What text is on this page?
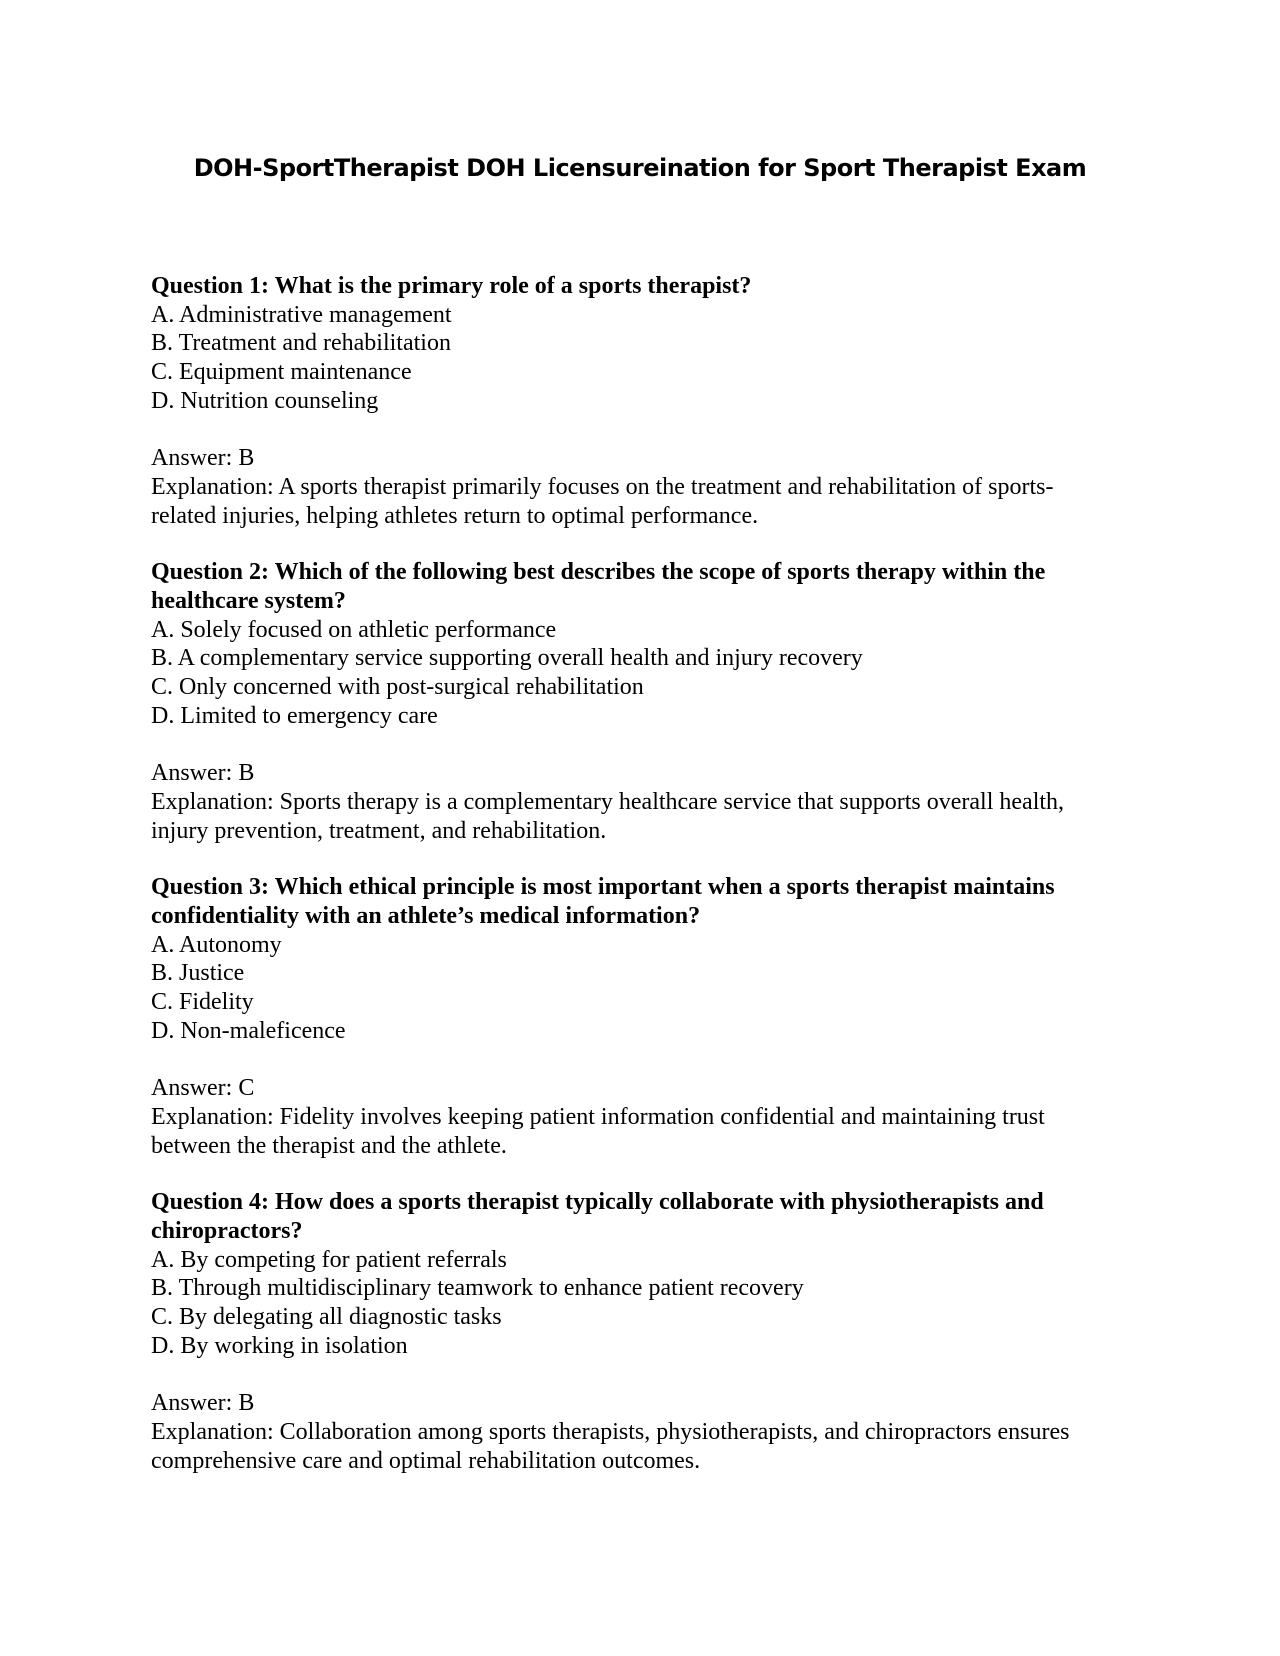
DOH-SportTherapist DOH Licensureination for Sport Therapist Exam

Question 1: What is the primary role of a sports therapist?

A. Administrative management

B. Treatment and rehabilitation

C. Equipment maintenance

D. Nutrition counseling

Answer: B

Explanation: A sports therapist primarily focuses on the treatment and rehabilitation of sports-related injuries, helping athletes return to optimal performance.

Question 2: Which of the following best describes the scope of sports therapy within the healthcare system?

A. Solely focused on athletic performance

B. A complementary service supporting overall health and injury recovery

C. Only concerned with post-surgical rehabilitation

D. Limited to emergency care

Answer: B

Explanation: Sports therapy is a complementary healthcare service that supports overall health, injury prevention, treatment, and rehabilitation.

Question 3: Which ethical principle is most important when a sports therapist maintains confidentiality with an athlete’s medical information?

A. Autonomy

B. Justice

C. Fidelity

D. Non-maleficence

Answer: C

Explanation: Fidelity involves keeping patient information confidential and maintaining trust between the therapist and the athlete.

Question 4: How does a sports therapist typically collaborate with physiotherapists and chiropractors?

A. By competing for patient referrals

B. Through multidisciplinary teamwork to enhance patient recovery

C. By delegating all diagnostic tasks

D. By working in isolation

Answer: B

Explanation: Collaboration among sports therapists, physiotherapists, and chiropractors ensures comprehensive care and optimal rehabilitation outcomes.
